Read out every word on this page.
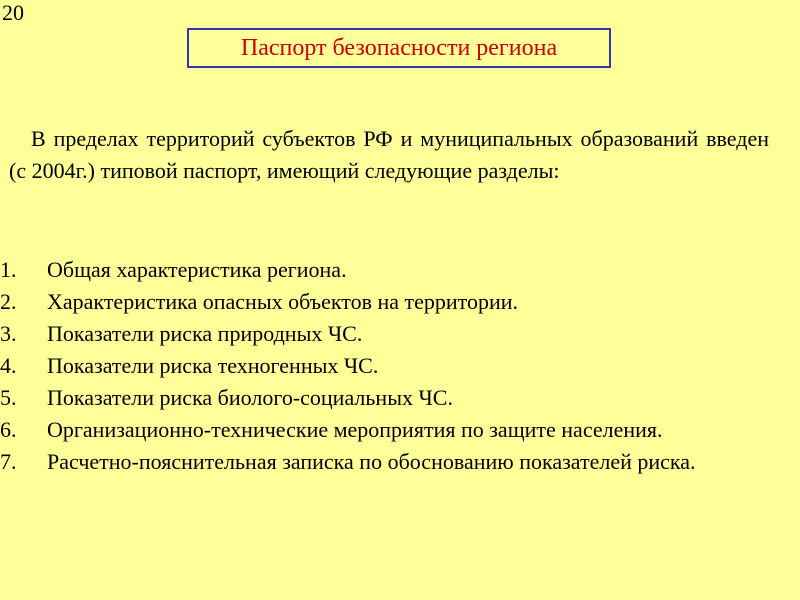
20
Паспорт безопасности региона

В пределах территорий субъектов РФ и муниципальных образований введен (с 2004г.) типовой паспорт, имеющий следующие разделы:

1. Общая характеристика региона.
2. Характеристика опасных объектов на территории.
3. Показатели риска природных ЧС.
4. Показатели риска техногенных ЧС.
5. Показатели риска биолого-социальных ЧС.
6. Организационно-технические мероприятия по защите населения.
7. Расчетно-пояснительная записка по обоснованию показателей риска.
